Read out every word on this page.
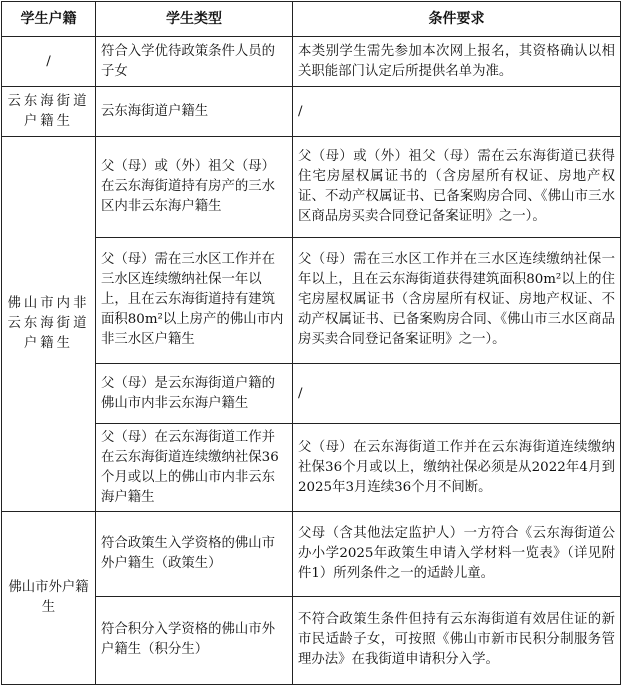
学生户籍	学生类型	条件要求
/	符合入学优待政策条件人员的子女	本类别学生需先参加本次网上报名，其资格确认以相关职能部门认定后所提供名单为准。
云东海街道户籍生	云东海街道户籍生	/
佛山市内非云东海街道户籍生	父（母）或（外）祖父（母）在云东海街道持有房产的三水区内非云东海户籍生	父（母）或（外）祖父（母）需在云东海街道已获得住宅房屋权属证书的（含房屋所有权证、房地产权证、不动产权属证书、已备案购房合同、《佛山市三水区商品房买卖合同登记备案证明》之一）。
	父（母）需在三水区工作并在三水区连续缴纳社保一年以上，且在云东海街道持有建筑面积80m²以上房产的佛山市内非三水区户籍生	父（母）需在三水区工作并在三水区连续缴纳社保一年以上，且在云东海街道获得建筑面积80m²以上的住宅房屋权属证书（含房屋所有权证、房地产权证、不动产权属证书、已备案购房合同、《佛山市三水区商品房买卖合同登记备案证明》之一）。
	父（母）是云东海街道户籍的佛山市内非云东海户籍生	/
	父（母）在云东海街道工作并在云东海街道连续缴纳社保36个月或以上的佛山市内非云东海户籍生	父（母）在云东海街道工作并在云东海街道连续缴纳社保36个月或以上，缴纳社保必须是从2022年4月到2025年3月连续36个月不间断。
佛山市外户籍生	符合政策生入学资格的佛山市外户籍生（政策生）	父母（含其他法定监护人）一方符合《云东海街道公办小学2025年政策生申请入学材料一览表》（详见附件1）所列条件之一的适龄儿童。
	符合积分入学资格的佛山市外户籍生（积分生）	不符合政策生条件但持有云东海街道有效居住证的新市民适龄子女，可按照《佛山市新市民积分制服务管理办法》在我街道申请积分入学。
